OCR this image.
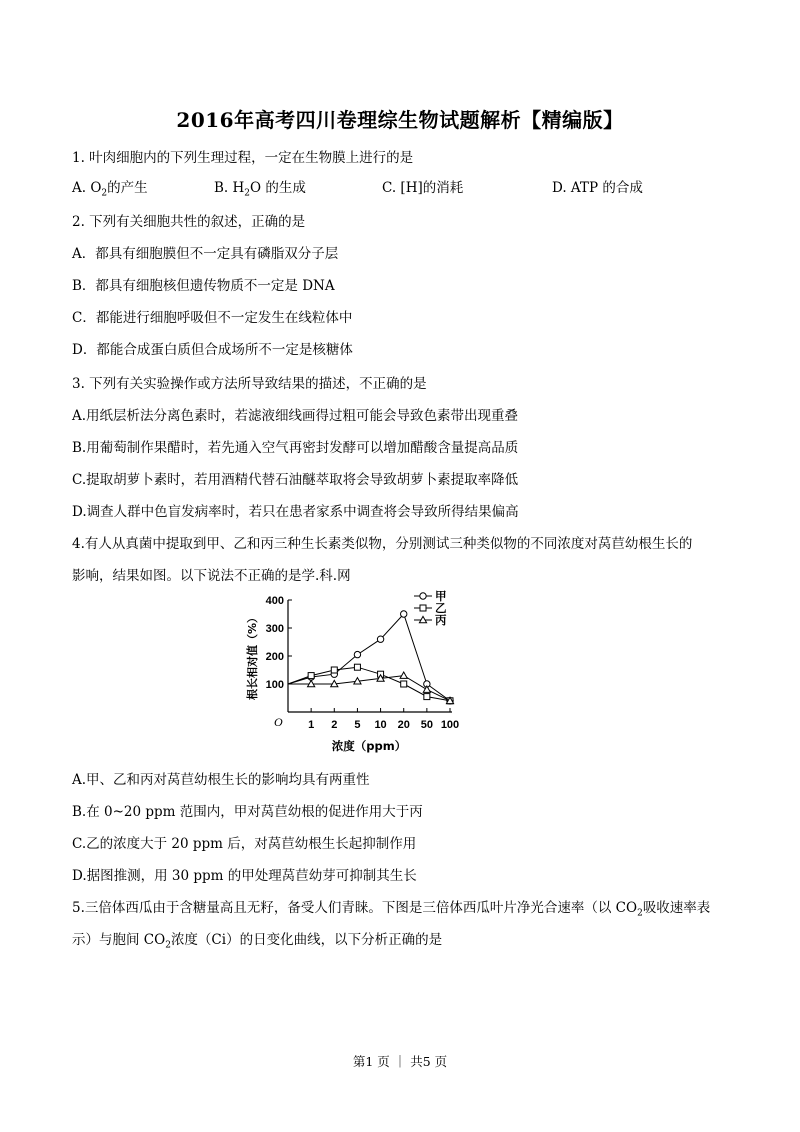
2016年高考四川卷理综生物试题解析【精编版】
1. 叶肉细胞内的下列生理过程，一定在生物膜上进行的是
A. $O_2$的产生	B. $H_2O$ 的生成	C. [H]的消耗	D. ATP 的合成
2. 下列有关细胞共性的叙述，正确的是
A．都具有细胞膜但不一定具有磷脂双分子层
B．都具有细胞核但遗传物质不一定是 DNA
C．都能进行细胞呼吸但不一定发生在线粒体中
D．都能合成蛋白质但合成场所不一定是核糖体
3. 下列有关实验操作或方法所导致结果的描述，不正确的是
A.用纸层析法分离色素时，若滤液细线画得过粗可能会导致色素带出现重叠
B.用葡萄制作果醋时，若先通入空气再密封发酵可以增加醋酸含量提高品质
C.提取胡萝卜素时，若用酒精代替石油醚萃取将会导致胡萝卜素提取率降低
D.调查人群中色盲发病率时，若只在患者家系中调查将会导致所得结果偏高
4.有人从真菌中提取到甲、乙和丙三种生长素类似物，分别测试三种类似物的不同浓度对莴苣幼根生长的
影响，结果如图。以下说法不正确的是学.科.网
100
200
300
400
1 2 5 10 20 50 100
O
浓度（ppm）
根长相对值（%）
甲
乙
丙
A.甲、乙和丙对莴苣幼根生长的影响均具有两重性
B.在 0~20 ppm 范围内，甲对莴苣幼根的促进作用大于丙
C.乙的浓度大于 20 ppm 后，对莴苣幼根生长起抑制作用
D.据图推测，用 30 ppm 的甲处理莴苣幼芽可抑制其生长
5.三倍体西瓜由于含糖量高且无籽，备受人们青睐。下图是三倍体西瓜叶片净光合速率（以 $CO_2$吸收速率表
示）与胞间 $CO_2$浓度（Ci）的日变化曲线，以下分析正确的是
第1 页 ｜ 共5 页
